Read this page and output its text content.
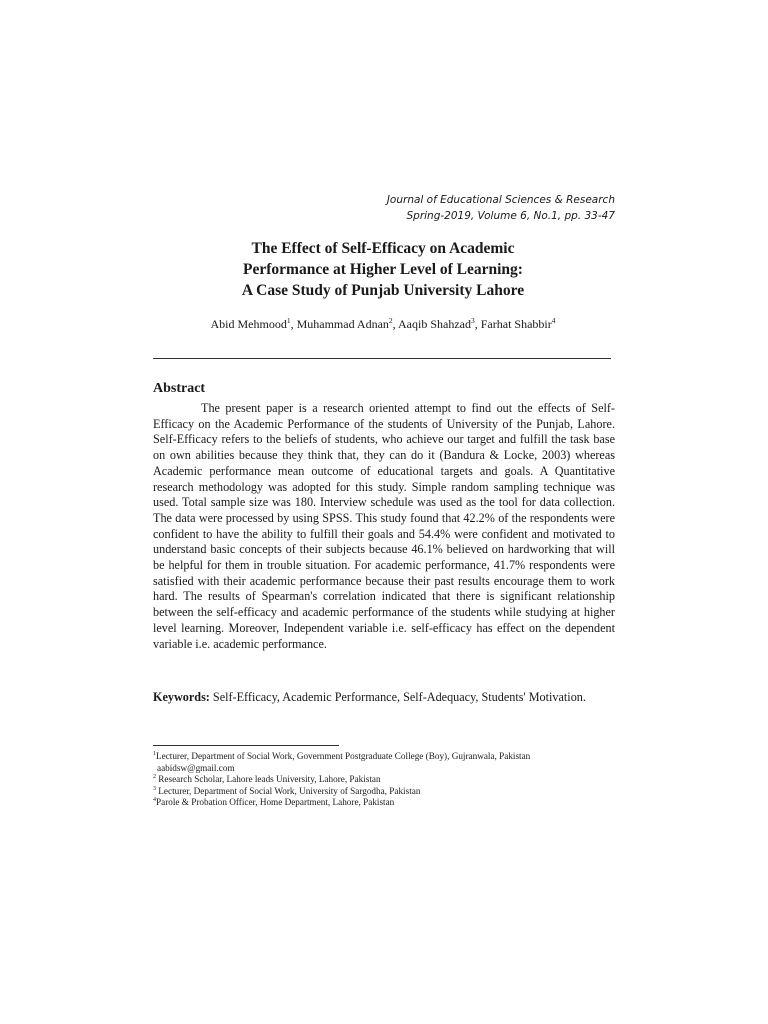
Journal of Educational Sciences & Research
Spring-2019, Volume 6, No.1, pp. 33-47
The Effect of Self-Efficacy on Academic
Performance at Higher Level of Learning:
A Case Study of Punjab University Lahore
Abid Mehmood$^1$, Muhammad Adnan$^2$, Aaqib Shahzad$^3$, Farhat Shabbir$^4$
Abstract

The present paper is a research oriented attempt to find out the effects of Self-Efficacy on the Academic Performance of the students of University of the Punjab, Lahore. Self-Efficacy refers to the beliefs of students, who achieve our target and fulfill the task base on own abilities because they think that, they can do it (Bandura & Locke, 2003) whereas Academic performance mean outcome of educational targets and goals. A Quantitative research methodology was adopted for this study. Simple random sampling technique was used. Total sample size was 180. Interview schedule was used as the tool for data collection. The data were processed by using SPSS. This study found that 42.2% of the respondents were confident to have the ability to fulfill their goals and 54.4% were confident and motivated to understand basic concepts of their subjects because 46.1% believed on hardworking that will be helpful for them in trouble situation. For academic performance, 41.7% respondents were satisfied with their academic performance because their past results encourage them to work hard. The results of Spearman's correlation indicated that there is significant relationship between the self-efficacy and academic performance of the students while studying at higher level learning. Moreover, Independent variable i.e. self-efficacy has effect on the dependent variable i.e. academic performance.

Keywords: Self-Efficacy, Academic Performance, Self-Adequacy, Students' Motivation.
$^1$Lecturer, Department of Social Work, Government Postgraduate College (Boy), Gujranwala, Pakistan
aabidsw@gmail.com
$^2$ Research Scholar, Lahore leads University, Lahore, Pakistan
$^3$ Lecturer, Department of Social Work, University of Sargodha, Pakistan
$^4$Parole & Probation Officer, Home Department, Lahore, Pakistan
